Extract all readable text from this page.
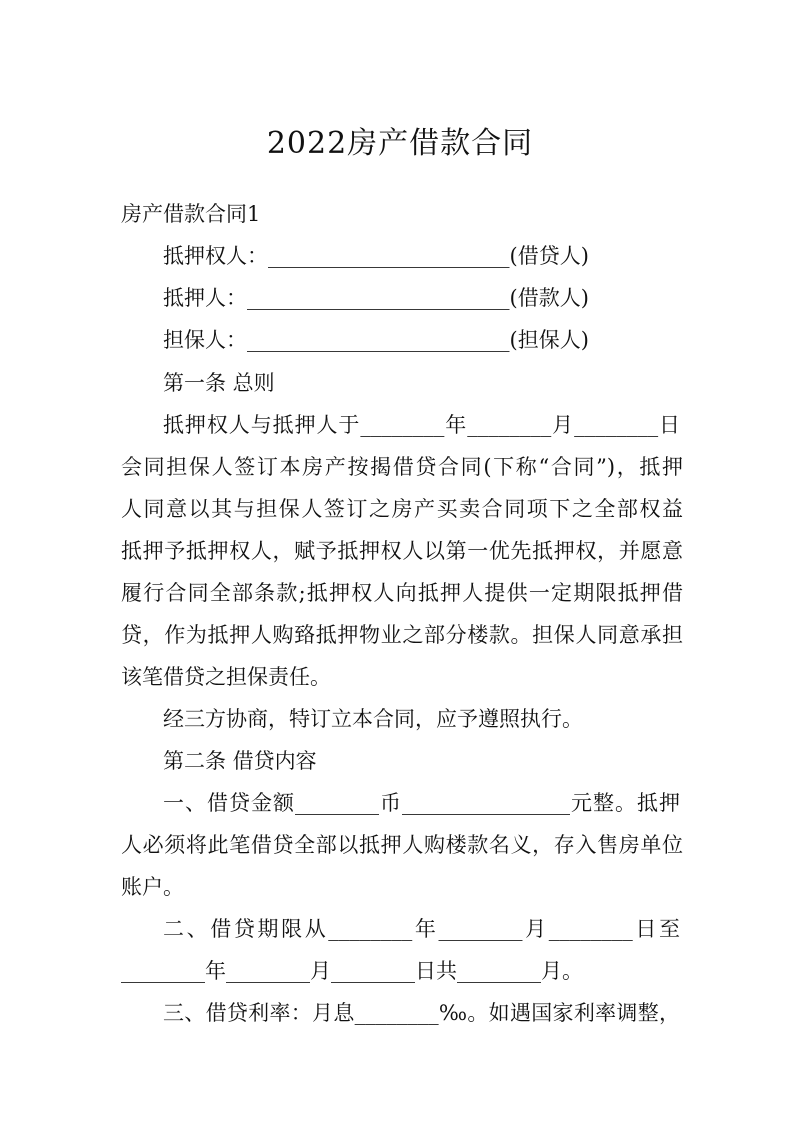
2022房产借款合同
房产借款合同1
抵押权人：_______________________(借贷人)
抵押人：_________________________(借款人)
担保人：_________________________(担保人)
第一条 总则
抵押权人与抵押人于________年________月________日
会同担保人签订本房产按揭借贷合同(下称“合同”)，抵押
人同意以其与担保人签订之房产买卖合同项下之全部权益
抵押予抵押权人，赋予抵押权人以第一优先抵押权，并愿意
履行合同全部条款;抵押权人向抵押人提供一定期限抵押借
贷，作为抵押人购臵抵押物业之部分楼款。担保人同意承担
该笔借贷之担保责任。
经三方协商，特订立本合同，应予遵照执行。
第二条 借贷内容
一、借贷金额________币________________元整。抵押
人必须将此笔借贷全部以抵押人购楼款名义，存入售房单位
账户。
二、借贷期限从________年________月________日至
________年________月________日共________月。
三、借贷利率：月息________‰。如遇国家利率调整，
